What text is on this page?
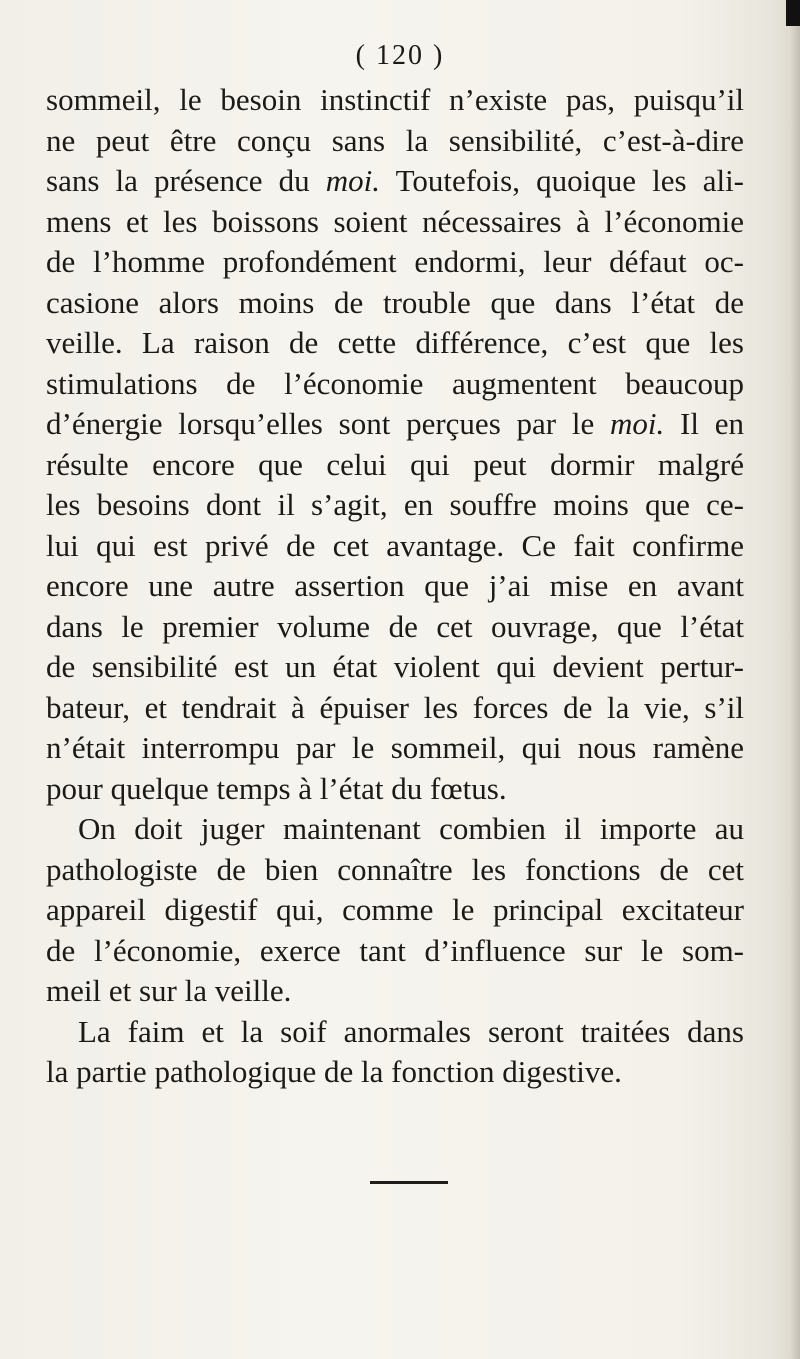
( 120 )
sommeil, le besoin instinctif n’existe pas, puisqu’il
ne peut être conçu sans la sensibilité, c’est-à-dire
sans la présence du moi. Toutefois, quoique les ali-
mens et les boissons soient nécessaires à l’économie
de l’homme profondément endormi, leur défaut oc-
casione alors moins de trouble que dans l’état de
veille. La raison de cette différence, c’est que les
stimulations de l’économie augmentent beaucoup
d’énergie lorsqu’elles sont perçues par le moi. Il en
résulte encore que celui qui peut dormir malgré
les besoins dont il s’agit, en souffre moins que ce-
lui qui est privé de cet avantage. Ce fait confirme
encore une autre assertion que j’ai mise en avant
dans le premier volume de cet ouvrage, que l’état
de sensibilité est un état violent qui devient pertur-
bateur, et tendrait à épuiser les forces de la vie, s’il
n’était interrompu par le sommeil, qui nous ramène
pour quelque temps à l’état du fœtus.
On doit juger maintenant combien il importe au
pathologiste de bien connaître les fonctions de cet
appareil digestif qui, comme le principal excitateur
de l’économie, exerce tant d’influence sur le som-
meil et sur la veille.
La faim et la soif anormales seront traitées dans
la partie pathologique de la fonction digestive.
